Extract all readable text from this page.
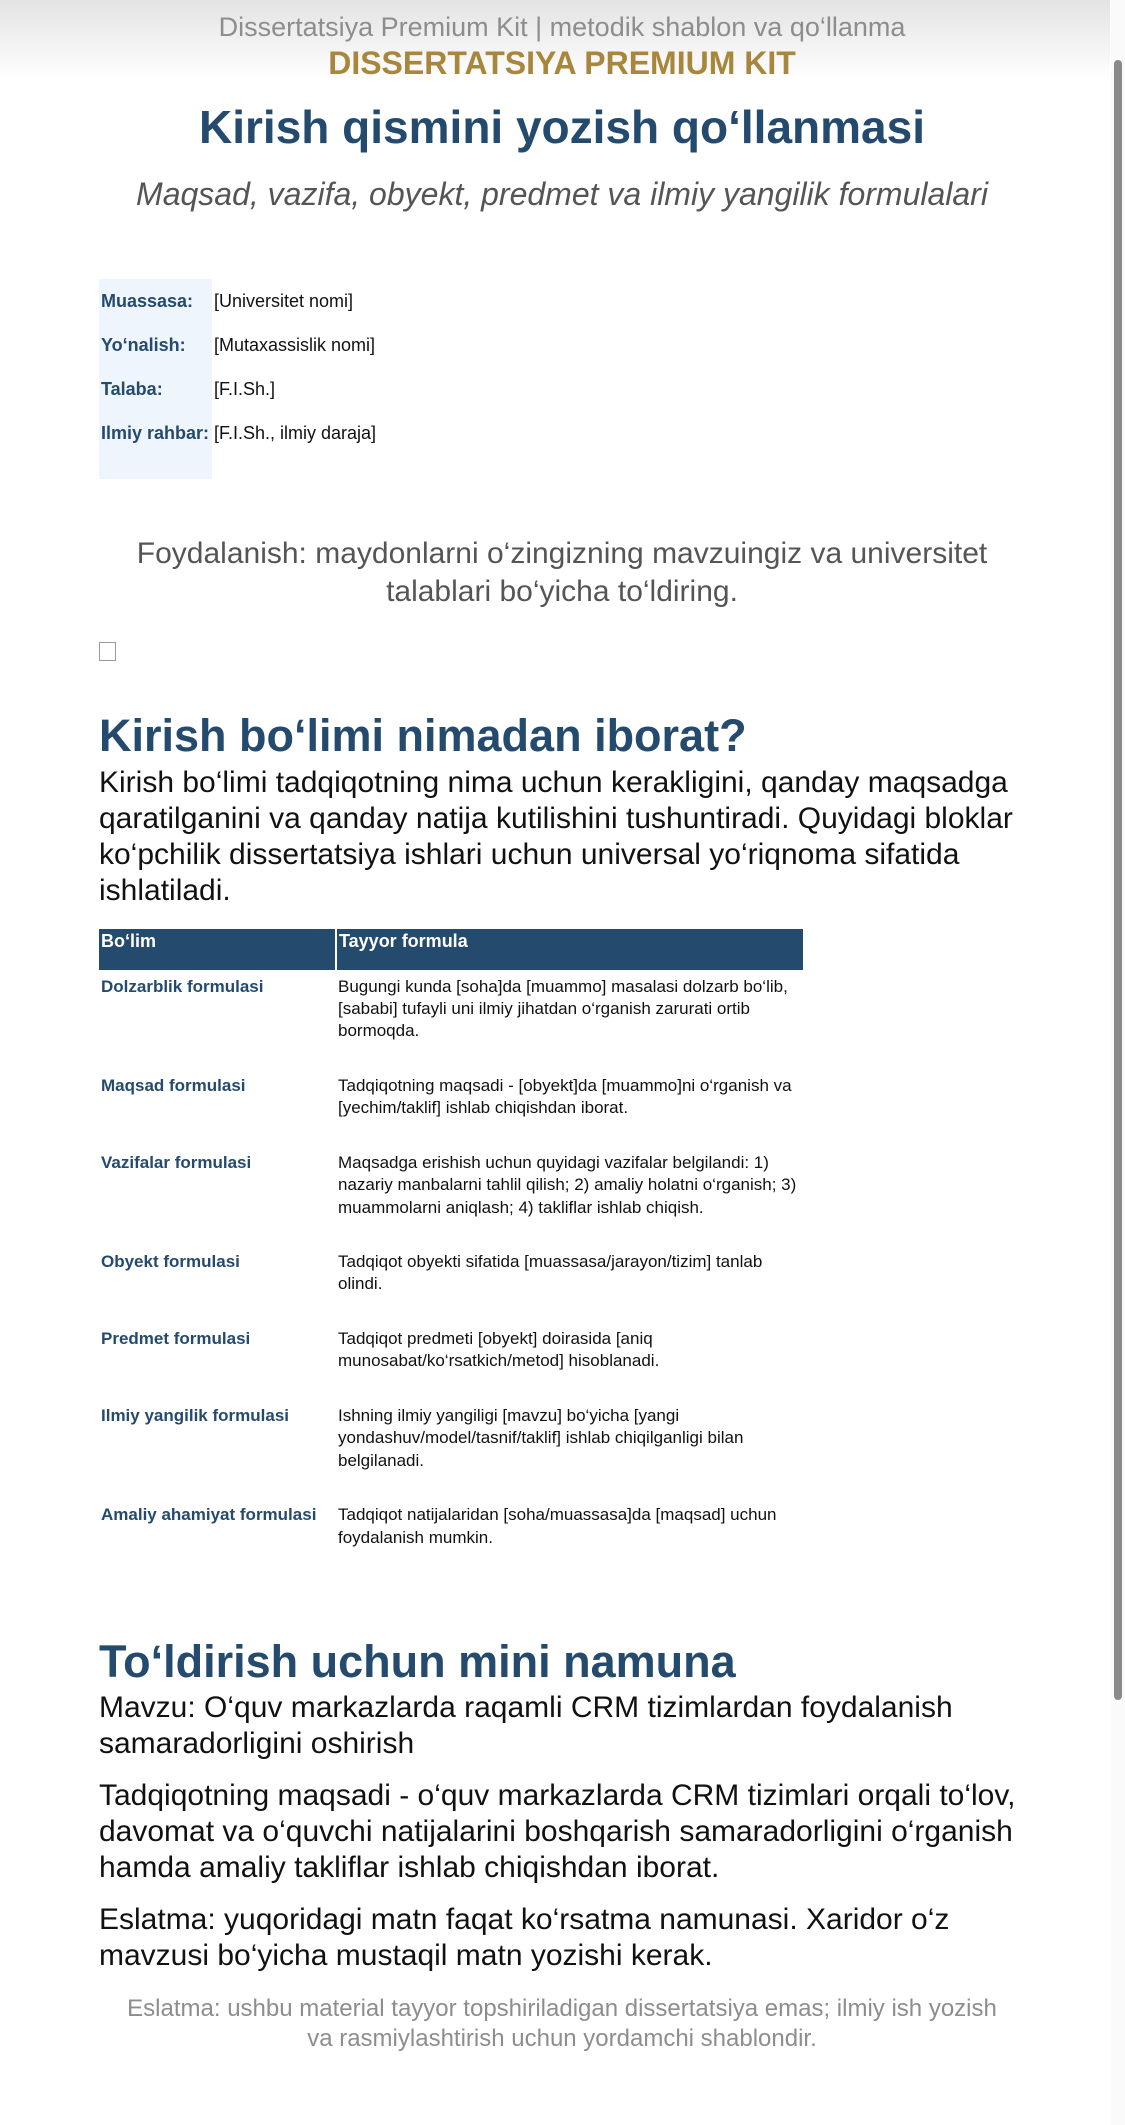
Dissertatsiya Premium Kit | metodik shablon va qo‘llanma
DISSERTATSIYA PREMIUM KIT
Kirish qismini yozish qo‘llanmasi
Maqsad, vazifa, obyekt, predmet va ilmiy yangilik formulalari
Muassasa:	[Universitet nomi]
Yo‘nalish:	[Mutaxassislik nomi]
Talaba:	[F.I.Sh.]
Ilmiy rahbar:	[F.I.Sh., ilmiy daraja]

Foydalanish: maydonlarni o‘zingizning mavzuingiz va universitet talablari bo‘yicha to‘ldiring.
Kirish bo‘limi nimadan iborat?
Kirish bo‘limi tadqiqotning nima uchun kerakligini, qanday maqsadga qaratilganini va qanday natija kutilishini tushuntiradi. Quyidagi bloklar ko‘pchilik dissertatsiya ishlari uchun universal yo‘riqnoma sifatida ishlatiladi.
Bo‘lim	Tayyor formula
Dolzarblik formulasi	Bugungi kunda [soha]da [muammo] masalasi dolzarb bo‘lib, [sababi] tufayli uni ilmiy jihatdan o‘rganish zarurati ortib bormoqda.
Maqsad formulasi	Tadqiqotning maqsadi - [obyekt]da [muammo]ni o‘rganish va [yechim/taklif] ishlab chiqishdan iborat.
Vazifalar formulasi	Maqsadga erishish uchun quyidagi vazifalar belgilandi: 1) nazariy manbalarni tahlil qilish; 2) amaliy holatni o‘rganish; 3) muammolarni aniqlash; 4) takliflar ishlab chiqish.
Obyekt formulasi	Tadqiqot obyekti sifatida [muassasa/jarayon/tizim] tanlab olindi.
Predmet formulasi	Tadqiqot predmeti [obyekt] doirasida [aniq munosabat/ko‘rsatkich/metod] hisoblanadi.
Ilmiy yangilik formulasi	Ishning ilmiy yangiligi [mavzu] bo‘yicha [yangi yondashuv/model/tasnif/taklif] ishlab chiqilganligi bilan belgilanadi.
Amaliy ahamiyat formulasi	Tadqiqot natijalaridan [soha/muassasa]da [maqsad] uchun foydalanish mumkin.
To‘ldirish uchun mini namuna
Mavzu: O‘quv markazlarda raqamli CRM tizimlardan foydalanish samaradorligini oshirish
Tadqiqotning maqsadi - o‘quv markazlarda CRM tizimlari orqali to‘lov, davomat va o‘quvchi natijalarini boshqarish samaradorligini o‘rganish hamda amaliy takliflar ishlab chiqishdan iborat.
Eslatma: yuqoridagi matn faqat ko‘rsatma namunasi. Xaridor o‘z mavzusi bo‘yicha mustaqil matn yozishi kerak.
Eslatma: ushbu material tayyor topshiriladigan dissertatsiya emas; ilmiy ish yozish va rasmiylashtirish uchun yordamchi shablondir.
